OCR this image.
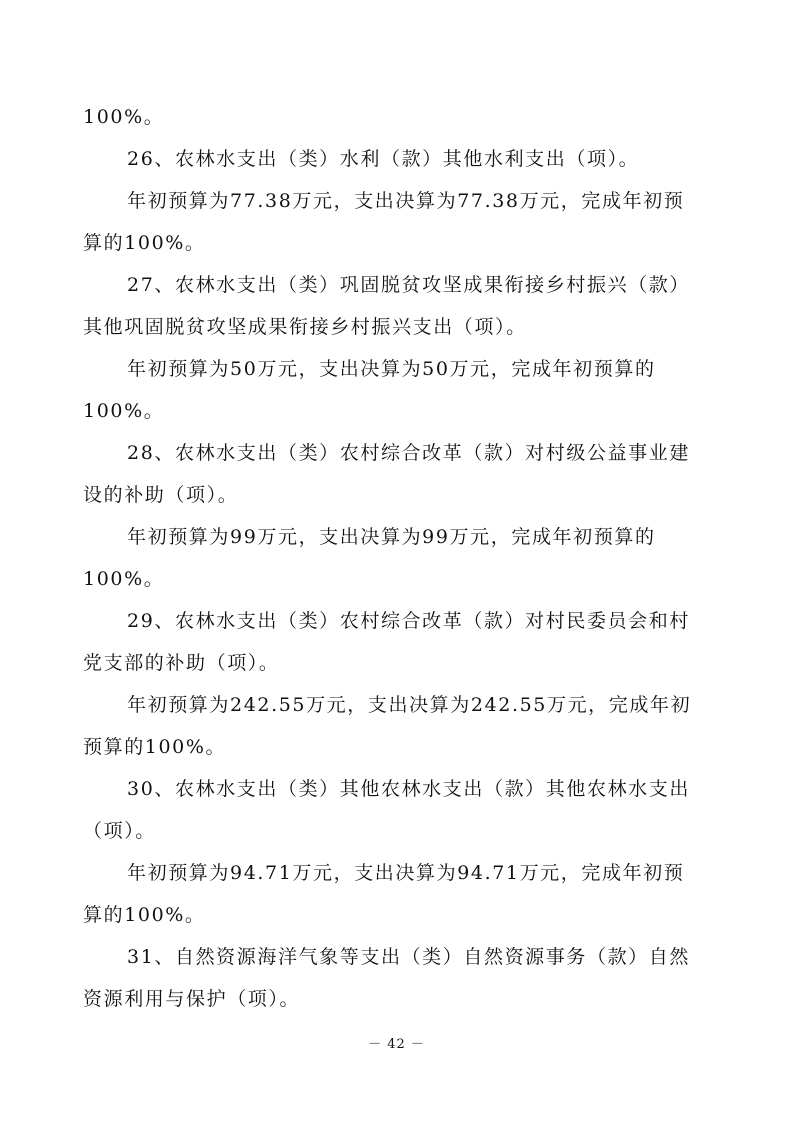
100%。
26、农林水支出（类）水利（款）其他水利支出（项）。
年初预算为77.38万元，支出决算为77.38万元，完成年初预
算的100%。
27、农林水支出（类）巩固脱贫攻坚成果衔接乡村振兴（款）
其他巩固脱贫攻坚成果衔接乡村振兴支出（项）。
年初预算为50万元，支出决算为50万元，完成年初预算的
100%。
28、农林水支出（类）农村综合改革（款）对村级公益事业建
设的补助（项）。
年初预算为99万元，支出决算为99万元，完成年初预算的
100%。
29、农林水支出（类）农村综合改革（款）对村民委员会和村
党支部的补助（项）。
年初预算为242.55万元，支出决算为242.55万元，完成年初
预算的100%。
30、农林水支出（类）其他农林水支出（款）其他农林水支出
（项）。
年初预算为94.71万元，支出决算为94.71万元，完成年初预
算的100%。
31、自然资源海洋气象等支出（类）自然资源事务（款）自然
资源利用与保护（项）。
－ 42 －
